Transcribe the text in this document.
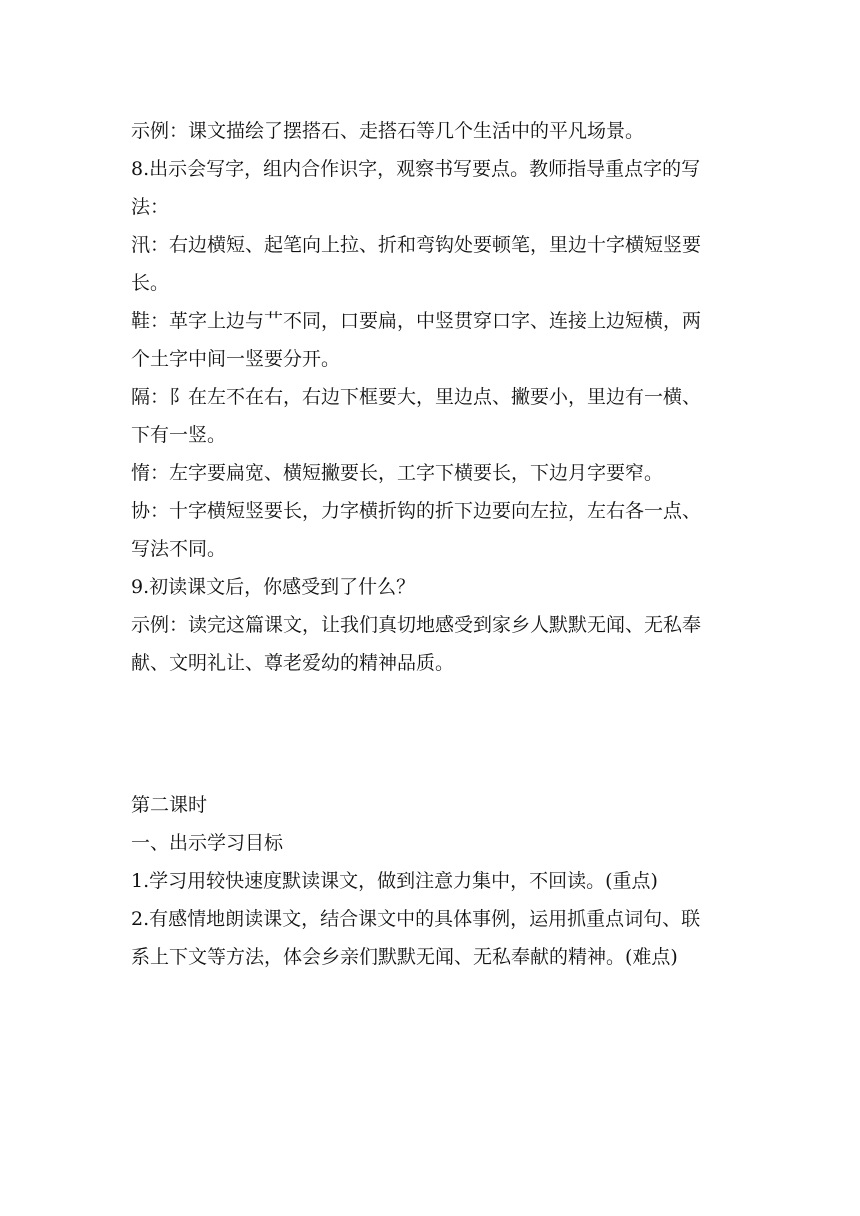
示例：课文描绘了摆搭石、走搭石等几个生活中的平凡场景。

8.出示会写字，组内合作识字，观察书写要点。教师指导重点字的写

法：

汛：右边横短、起笔向上拉、折和弯钩处要顿笔，里边十字横短竖要

长。

鞋：革字上边与艹不同，口要扁，中竖贯穿口字、连接上边短横，两

个土字中间一竖要分开。

隔：阝在左不在右，右边下框要大，里边点、撇要小，里边有一横、

下有一竖。

惰：左字要扁宽、横短撇要长，工字下横要长，下边月字要窄。

协：十字横短竖要长，力字横折钩的折下边要向左拉，左右各一点、

写法不同。

9.初读课文后，你感受到了什么？

示例：读完这篇课文，让我们真切地感受到家乡人默默无闻、无私奉

献、文明礼让、尊老爱幼的精神品质。

第二课时

一、出示学习目标

1.学习用较快速度默读课文，做到注意力集中，不回读。(重点)

2.有感情地朗读课文，结合课文中的具体事例，运用抓重点词句、联

系上下文等方法，体会乡亲们默默无闻、无私奉献的精神。(难点)
